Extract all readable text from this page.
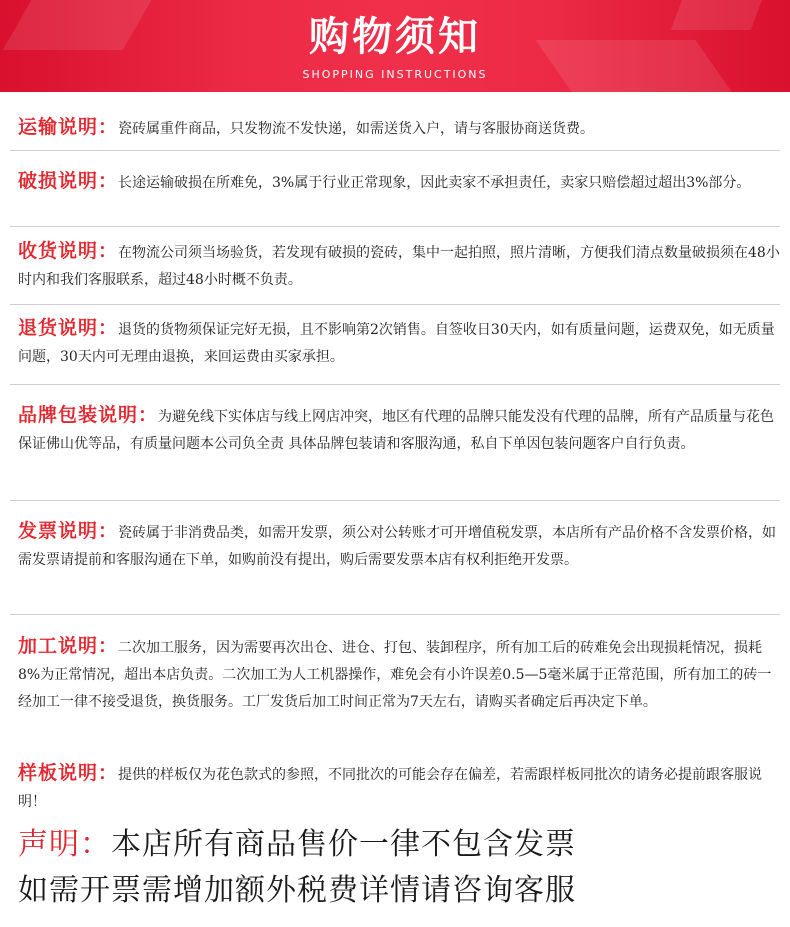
购物须知
SHOPPING INSTRUCTIONS
运输说明：瓷砖属重件商品，只发物流不发快递，如需送货入户，请与客服协商送货费。
破损说明：长途运输破损在所难免，3%属于行业正常现象，因此卖家不承担责任，卖家只赔偿超过超出3%部分。
收货说明：在物流公司须当场验货，若发现有破损的瓷砖，集中一起拍照，照片清晰，方便我们清点数量破损须在48小时内和我们客服联系，超过48小时概不负责。
退货说明：退货的货物须保证完好无损，且不影响第2次销售。自签收日30天内，如有质量问题，运费双免，如无质量问题，30天内可无理由退换，来回运费由买家承担。
品牌包装说明：为避免线下实体店与线上网店冲突，地区有代理的品牌只能发没有代理的品牌，所有产品质量与花色保证佛山优等品，有质量问题本公司负全责 具体品牌包装请和客服沟通，私自下单因包装问题客户自行负责。
发票说明：瓷砖属于非消费品类，如需开发票，须公对公转账才可开增值税发票，本店所有产品价格不含发票价格，如需发票请提前和客服沟通在下单，如购前没有提出，购后需要发票本店有权利拒绝开发票。
加工说明：二次加工服务，因为需要再次出仓、进仓、打包、装卸程序，所有加工后的砖难免会出现损耗情况，损耗8%为正常情况，超出本店负责。二次加工为人工机器操作，难免会有小许误差0.5—5毫米属于正常范围，所有加工的砖一经加工一律不接受退货，换货服务。工厂发货后加工时间正常为7天左右，请购买者确定后再决定下单。
样板说明：提供的样板仅为花色款式的参照，不同批次的可能会存在偏差，若需跟样板同批次的请务必提前跟客服说明！
声明：本店所有商品售价一律不包含发票
如需开票需增加额外税费详情请咨询客服
